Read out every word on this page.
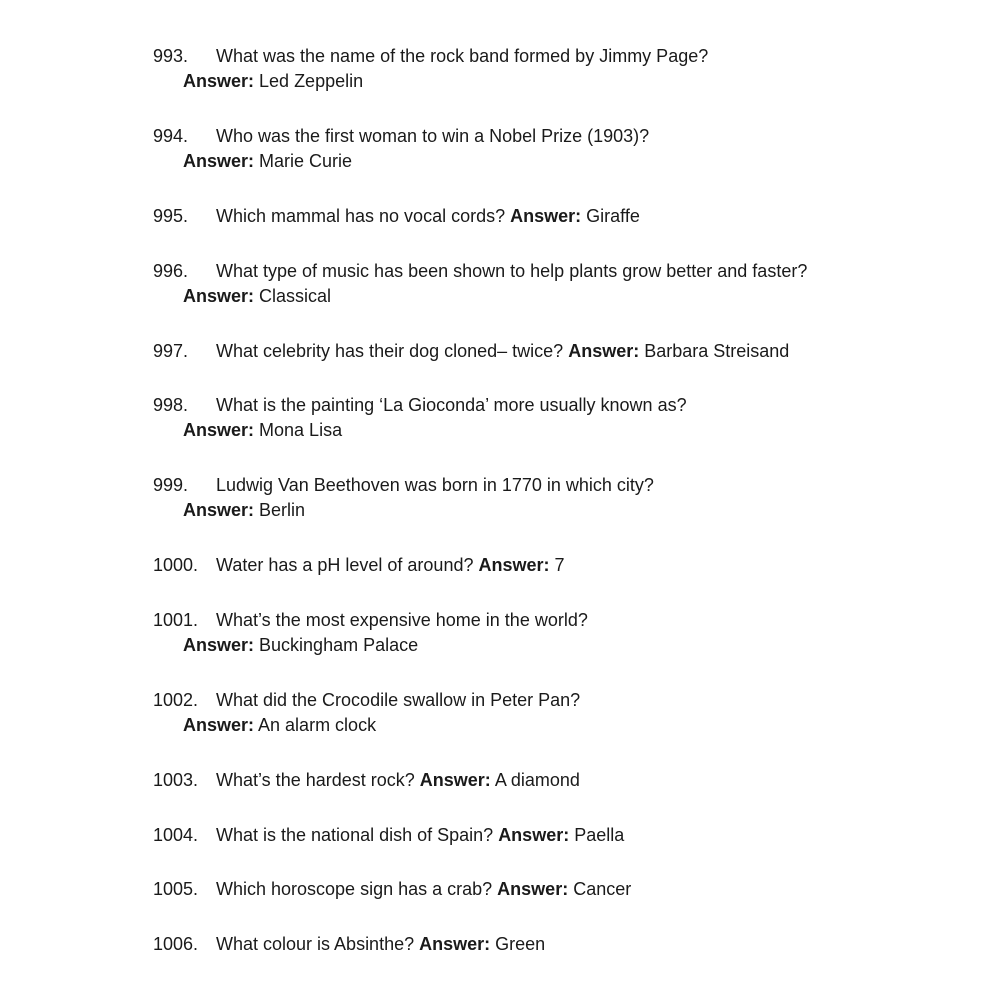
993. What was the name of the rock band formed by Jimmy Page?
Answer: Led Zeppelin
994. Who was the first woman to win a Nobel Prize (1903)?
Answer: Marie Curie
995. Which mammal has no vocal cords? Answer: Giraffe
996. What type of music has been shown to help plants grow better and faster?
Answer: Classical
997. What celebrity has their dog cloned– twice? Answer: Barbara Streisand
998. What is the painting ‘La Gioconda’ more usually known as?
Answer: Mona Lisa
999. Ludwig Van Beethoven was born in 1770 in which city?
Answer: Berlin
1000. Water has a pH level of around? Answer: 7
1001. What’s the most expensive home in the world?
Answer: Buckingham Palace
1002. What did the Crocodile swallow in Peter Pan?
Answer: An alarm clock
1003. What’s the hardest rock? Answer: A diamond
1004. What is the national dish of Spain? Answer: Paella
1005. Which horoscope sign has a crab? Answer: Cancer
1006. What colour is Absinthe? Answer: Green
